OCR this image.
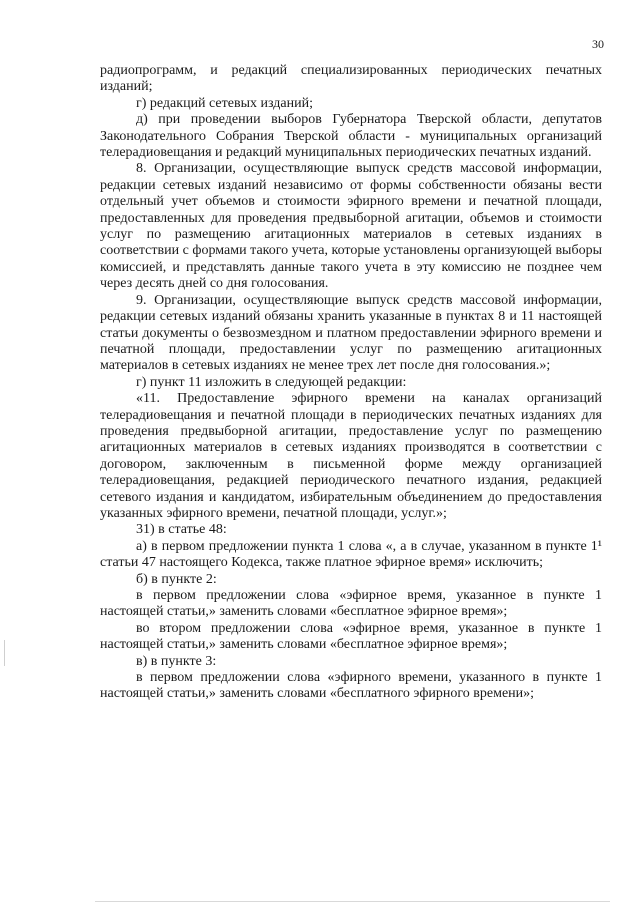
30

радиопрограмм, и редакций специализированных периодических печатных изданий;

г) редакций сетевых изданий;

д) при проведении выборов Губернатора Тверской области, депутатов Законодательного Собрания Тверской области - муниципальных организаций телерадиовещания и редакций муниципальных периодических печатных изданий.

8. Организации, осуществляющие выпуск средств массовой информации, редакции сетевых изданий независимо от формы собственности обязаны вести отдельный учет объемов и стоимости эфирного времени и печатной площади, предоставленных для проведения предвыборной агитации, объемов и стоимости услуг по размещению агитационных материалов в сетевых изданиях в соответствии с формами такого учета, которые установлены организующей выборы комиссией, и представлять данные такого учета в эту комиссию не позднее чем через десять дней со дня голосования.

9. Организации, осуществляющие выпуск средств массовой информации, редакции сетевых изданий обязаны хранить указанные в пунктах 8 и 11 настоящей статьи документы о безвозмездном и платном предоставлении эфирного времени и печатной площади, предоставлении услуг по размещению агитационных материалов в сетевых изданиях не менее трех лет после дня голосования.»;

г) пункт 11 изложить в следующей редакции:

«11. Предоставление эфирного времени на каналах организаций телерадиовещания и печатной площади в периодических печатных изданиях для проведения предвыборной агитации, предоставление услуг по размещению агитационных материалов в сетевых изданиях производятся в соответствии с договором, заключенным в письменной форме между организацией телерадиовещания, редакцией периодического печатного издания, редакцией сетевого издания и кандидатом, избирательным объединением до предоставления указанных эфирного времени, печатной площади, услуг.»;

31) в статье 48:

а) в первом предложении пункта 1 слова «, а в случае, указанном в пункте 1¹ статьи 47 настоящего Кодекса, также платное эфирное время» исключить;

б) в пункте 2:

в первом предложении слова «эфирное время, указанное в пункте 1 настоящей статьи,» заменить словами «бесплатное эфирное время»;

во втором предложении слова «эфирное время, указанное в пункте 1 настоящей статьи,» заменить словами «бесплатное эфирное время»;

в) в пункте 3:

в первом предложении слова «эфирного времени, указанного в пункте 1 настоящей статьи,» заменить словами «бесплатного эфирного времени»;
